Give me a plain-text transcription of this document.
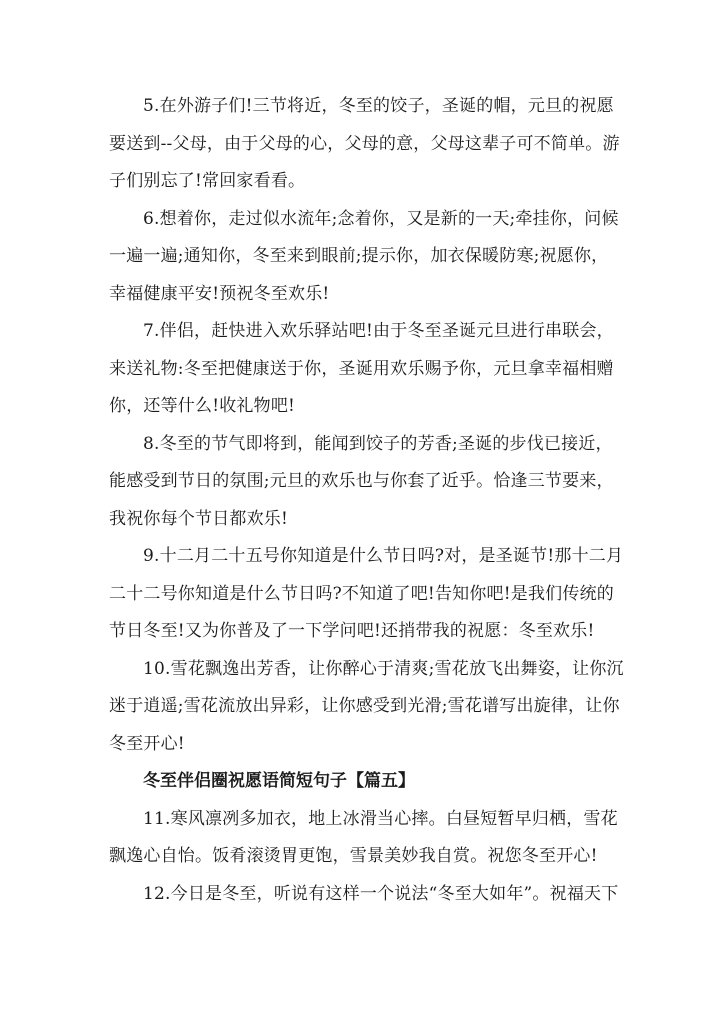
5.在外游子们!三节将近，冬至的饺子，圣诞的帽，元旦的祝愿
要送到--父母，由于父母的心，父母的意，父母这辈子可不简单。游
子们别忘了!常回家看看。

6.想着你，走过似水流年;念着你，又是新的一天;牵挂你，问候
一遍一遍;通知你，冬至来到眼前;提示你，加衣保暖防寒;祝愿你，
幸福健康平安!预祝冬至欢乐!

7.伴侣，赶快进入欢乐驿站吧!由于冬至圣诞元旦进行串联会，
来送礼物:冬至把健康送于你，圣诞用欢乐赐予你，元旦拿幸福相赠
你，还等什么!收礼物吧!

8.冬至的节气即将到，能闻到饺子的芳香;圣诞的步伐已接近，
能感受到节日的氛围;元旦的欢乐也与你套了近乎。恰逢三节要来，
我祝你每个节日都欢乐!

9.十二月二十五号你知道是什么节日吗?对，是圣诞节!那十二月
二十二号你知道是什么节日吗?不知道了吧!告知你吧!是我们传统的
节日冬至!又为你普及了一下学问吧!还捎带我的祝愿：冬至欢乐!

10.雪花飘逸出芳香，让你醉心于清爽;雪花放飞出舞姿，让你沉
迷于逍遥;雪花流放出异彩，让你感受到光滑;雪花谱写出旋律，让你
冬至开心!

冬至伴侣圈祝愿语简短句子【篇五】

11.寒风凛冽多加衣，地上冰滑当心摔。白昼短暂早归栖，雪花
飘逸心自怡。饭肴滚烫胃更饱，雪景美妙我自赏。祝您冬至开心!

12.今日是冬至，听说有这样一个说法“冬至大如年”。祝福天下
